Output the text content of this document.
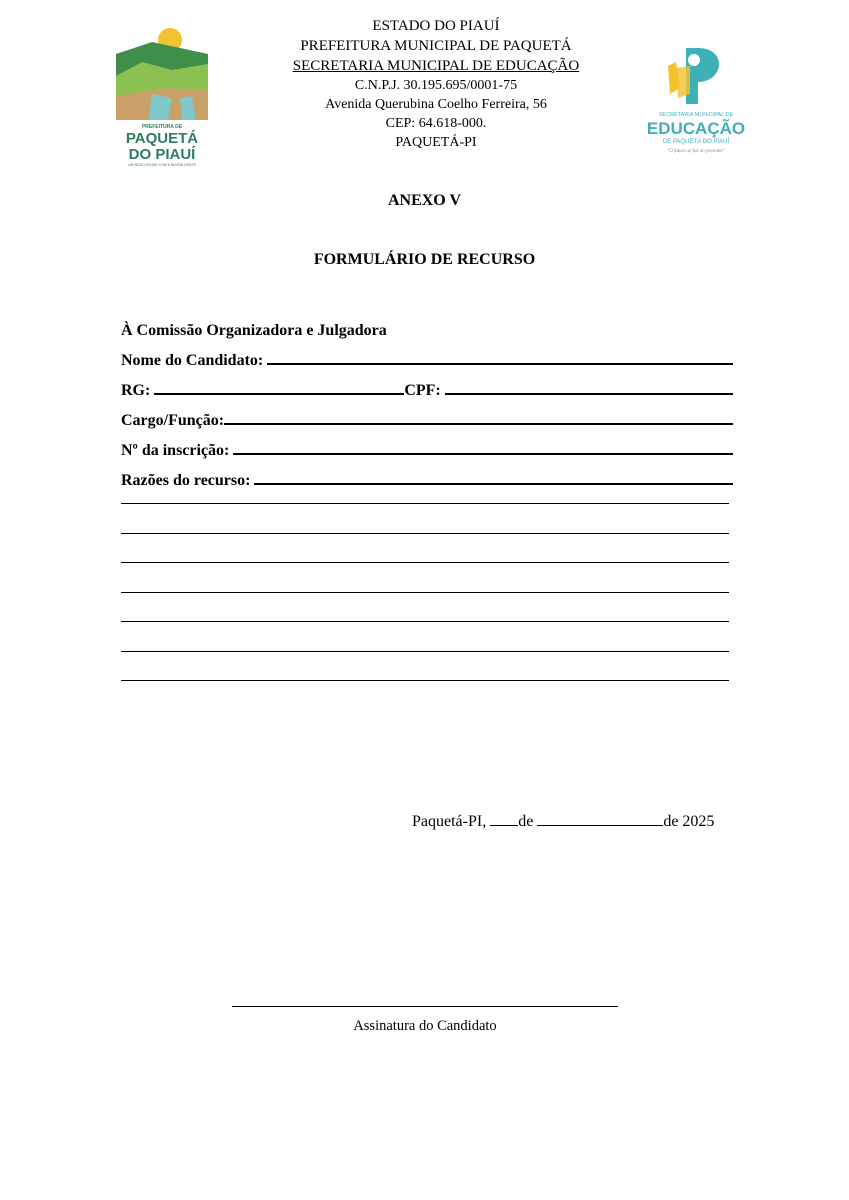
PREFEITURA DE
PAQUETÁ
DO PIAUÍ
UM NOVO OLHAR COM A NOSSA GENTE
ESTADO DO PIAUÍ
PREFEITURA MUNICIPAL DE PAQUETÁ
SECRETARIA MUNICIPAL DE EDUCAÇÃO
C.N.P.J. 30.195.695/0001-75
Avenida Querubina Coelho Ferreira, 56
CEP: 64.618-000.
PAQUETÁ-PI
SECRETARIA MUNICIPAL DE
EDUCAÇÃO
DE PAQUETÁ DO PIAUÍ
"O futuro se faz no presente"
ANEXO V
FORMULÁRIO DE RECURSO
À Comissão Organizadora e Julgadora
Nome do Candidato:
RG:	CPF:
Cargo/Função:
Nº da inscrição:
Razões do recurso:
Paquetá-PI, de	de 2025
Assinatura do Candidato
